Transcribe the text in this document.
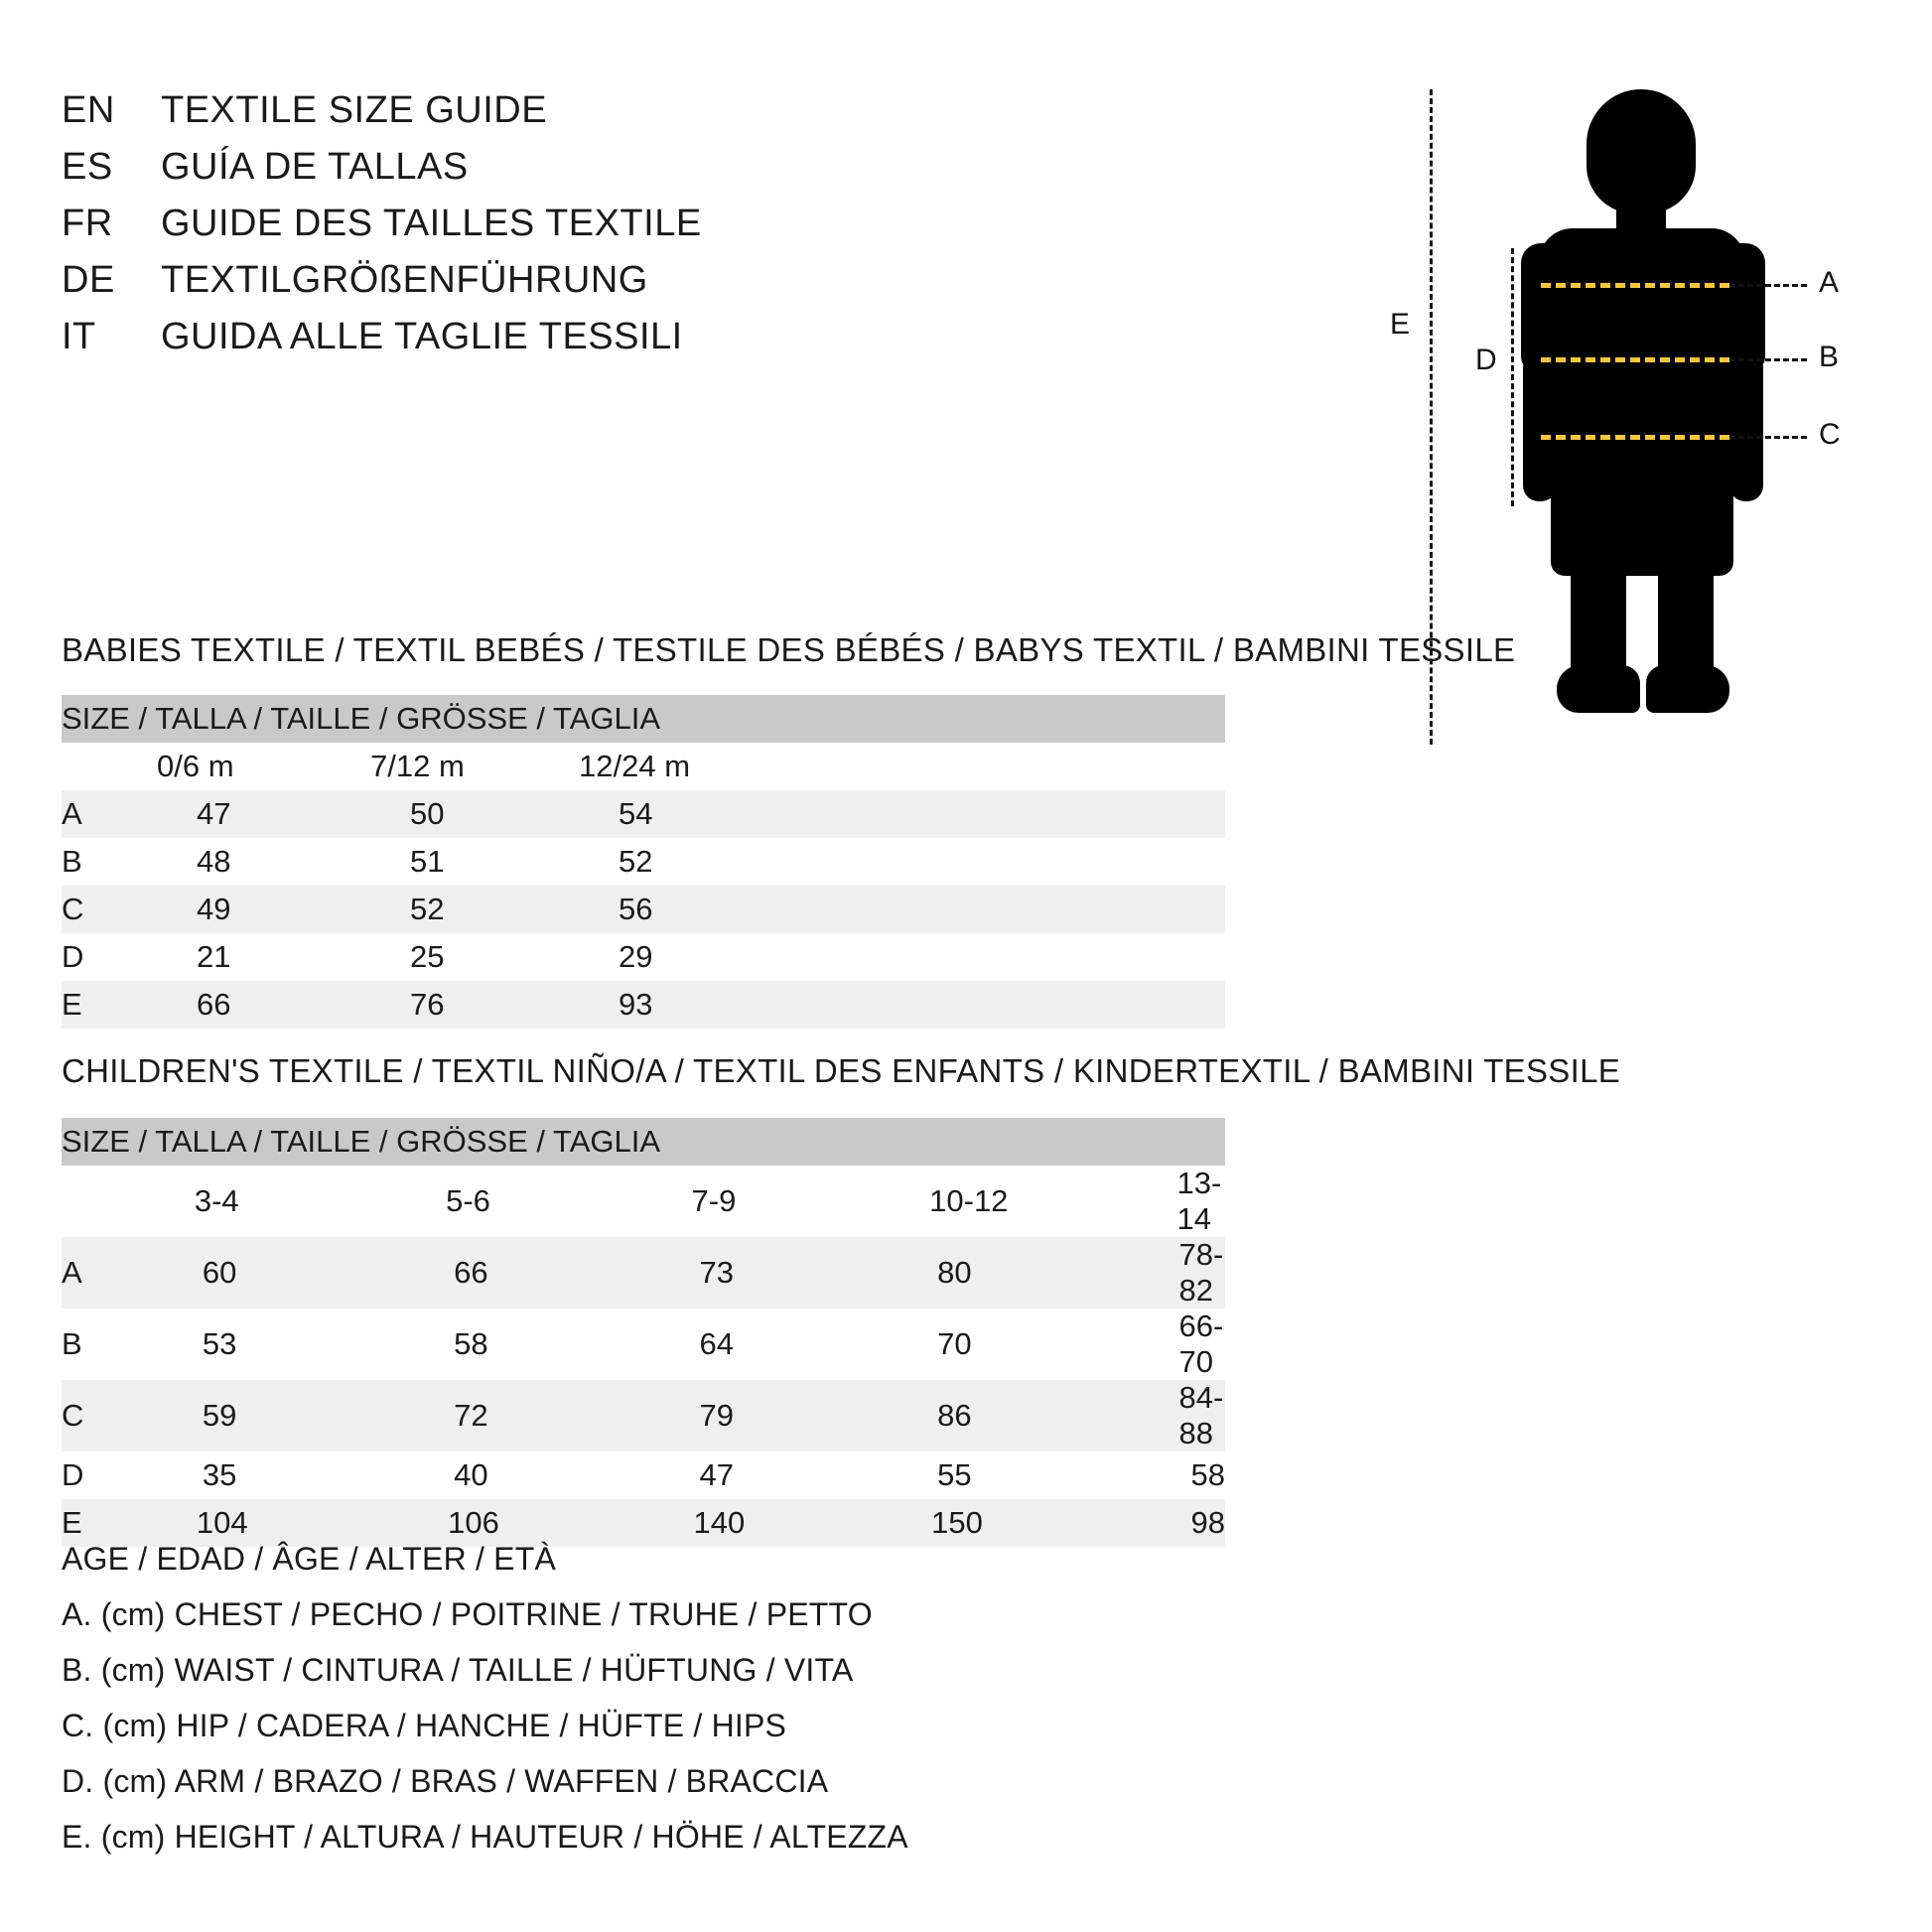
EN	TEXTILE SIZE GUIDE
ES	GUÍA DE TALLAS
FR	GUIDE DES TAILLES TEXTILE
DE	TEXTILGRÖßENFÜHRUNG
IT	GUIDA ALLE TAGLIE TESSILI	E
D
A
B
C
BABIES TEXTILE / TEXTIL BEBÉS / TESTILE DES BÉBÉS / BABYS TEXTIL / BAMBINI TESSILE
SIZE / TALLA / TAILLE / GRÖSSE / TAGLIA			
	0/6 m	7/12 m	12/24 m
A	47	50	54
B	48	51	52
C	49	52	56
D	21	25	29
E	66	76	93
CHILDREN'S TEXTILE / TEXTIL NIÑO/A / TEXTIL DES ENFANTS / KINDERTEXTIL / BAMBINI TESSILE
SIZE / TALLA / TAILLE / GRÖSSE / TAGLIA					
	3-4	5-6	7-9	10-12	13-14
A	60	66	73	80	78-82
B	53	58	64	70	66-70
C	59	72	79	86	84-88
D	35	40	47	55	58
E	104	106	140	150	98
AGE / EDAD / ÂGE / ALTER / ETÀ
A. (cm) CHEST / PECHO / POITRINE / TRUHE / PETTO
B. (cm) WAIST / CINTURA / TAILLE / HÜFTUNG / VITA
C. (cm) HIP / CADERA / HANCHE / HÜFTE / HIPS
D. (cm) ARM / BRAZO / BRAS / WAFFEN / BRACCIA
E. (cm) HEIGHT / ALTURA / HAUTEUR / HÖHE / ALTEZZA
